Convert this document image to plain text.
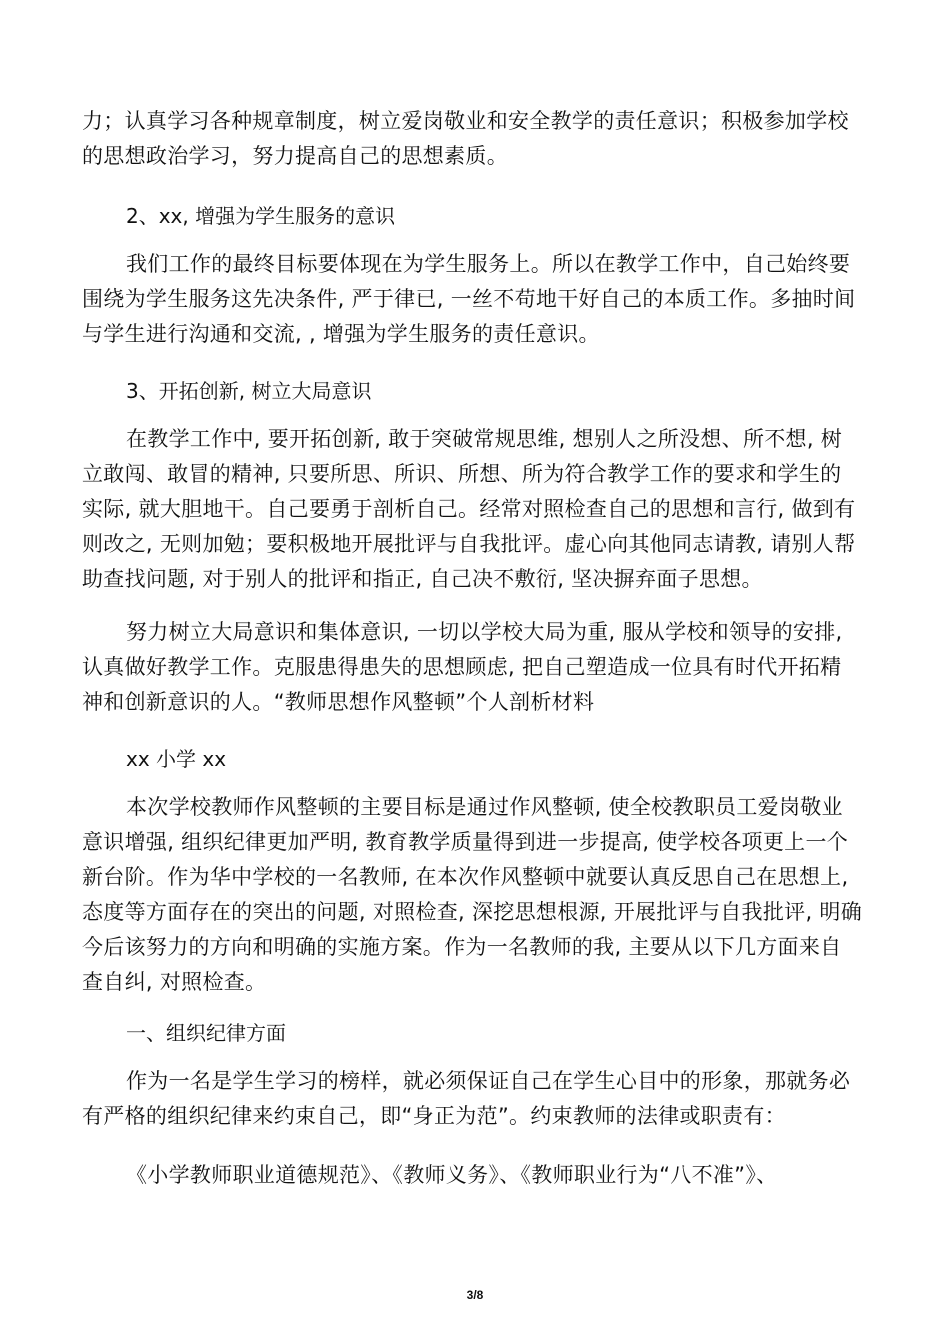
力；认真学习各种规章制度，树立爱岗敬业和安全教学的责任意识；积极参加学校的思想政治学习，努力提高自己的思想素质。

2、xx, 增强为学生服务的意识

我们工作的最终目标要体现在为学生服务上。所以在教学工作中，自己始终要围绕为学生服务这先决条件, 严于律已, 一丝不苟地干好自己的本质工作。多抽时间与学生进行沟通和交流, , 增强为学生服务的责任意识。

3、开拓创新, 树立大局意识

在教学工作中, 要开拓创新, 敢于突破常规思维, 想别人之所没想、所不想, 树立敢闯、敢冒的精神, 只要所思、所识、所想、所为符合教学工作的要求和学生的实际, 就大胆地干。自己要勇于剖析自己。经常对照检查自己的思想和言行, 做到有则改之, 无则加勉；要积极地开展批评与自我批评。虚心向其他同志请教, 请别人帮助查找问题, 对于别人的批评和指正, 自己决不敷衍, 坚决摒弃面子思想。

努力树立大局意识和集体意识, 一切以学校大局为重, 服从学校和领导的安排, 认真做好教学工作。克服患得患失的思想顾虑, 把自己塑造成一位具有时代开拓精神和创新意识的人。“教师思想作风整顿”个人剖析材料

xx 小学 xx

本次学校教师作风整顿的主要目标是通过作风整顿, 使全校教职员工爱岗敬业意识增强, 组织纪律更加严明, 教育教学质量得到进一步提高, 使学校各项更上一个新台阶。作为华中学校的一名教师, 在本次作风整顿中就要认真反思自己在思想上, 态度等方面存在的突出的问题, 对照检查, 深挖思想根源, 开展批评与自我批评, 明确今后该努力的方向和明确的实施方案。作为一名教师的我, 主要从以下几方面来自查自纠, 对照检查。

一、组织纪律方面

作为一名是学生学习的榜样，就必须保证自己在学生心目中的形象，那就务必有严格的组织纪律来约束自己，即“身正为范”。约束教师的法律或职责有：

《小学教师职业道德规范》、《教师义务》、《教师职业行为“八不准”》、

3/8
